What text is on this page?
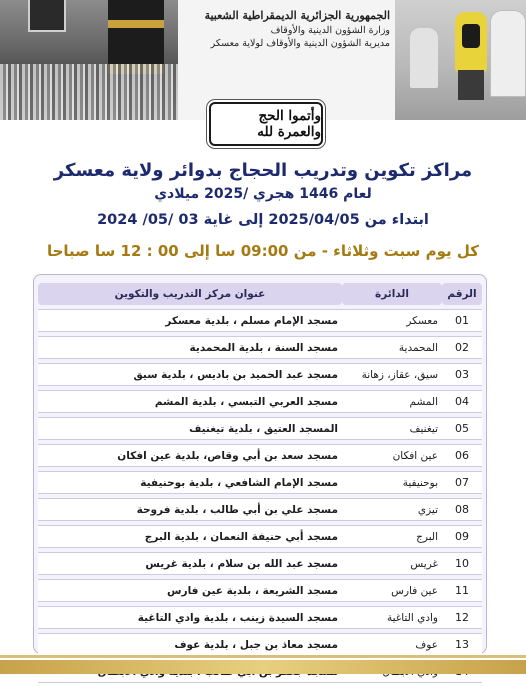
الجمهورية الجزائرية الديمقراطية الشعبية
وزارة الشؤون الدينية والأوقاف
مديرية الشؤون الدينية والأوقاف لولاية معسكر
وأتموا الحج والعمرة لله
مراكز تكوين وتدريب الحجاج بدوائر ولاية معسكر
لعام 1446 هجري /2025 ميلادي
ابتداء من 2025/04/05 إلى غاية 03 /05/ 2024
كل يوم سبت وثلاثاء - من 09:00 سا إلى 00 : 12 سا صباحا
الرقم	الدائرة	عنوان مركز التدريب والتكوين
01	معسكر	مسجد الإمام مسلم ، بلدية معسكر
02	المحمدية	مسجد السنة ، بلدية المحمدية
03	سيق، عقاز، زهانة	مسجد عبد الحميد بن باديس ، بلدية سيق
04	المشم	مسجد العربي التبسي ، بلدية المشم
05	تيغنيف	المسجد العتيق ، بلدية تيغنيف
06	عين افكان	مسجد سعد بن أبي وقاص، بلدية عين افكان
07	بوحنيفية	مسجد الإمام الشافعي ، بلدية بوحنيفية
08	تيزي	مسجد علي بن أبي طالب ، بلدية فروحة
09	البرج	مسجد أبي حنيفة النعمان ، بلدية البرج
10	غريس	مسجد عبد الله بن سلام ، بلدية غريس
11	عين فارس	مسجد الشريعة ، بلدية عين فارس
12	وادي التاغية	مسجد السيدة زينب ، بلدية وادي التاغية
13	عوف	مسجد معاذ بن جبل ، بلدية عوف
